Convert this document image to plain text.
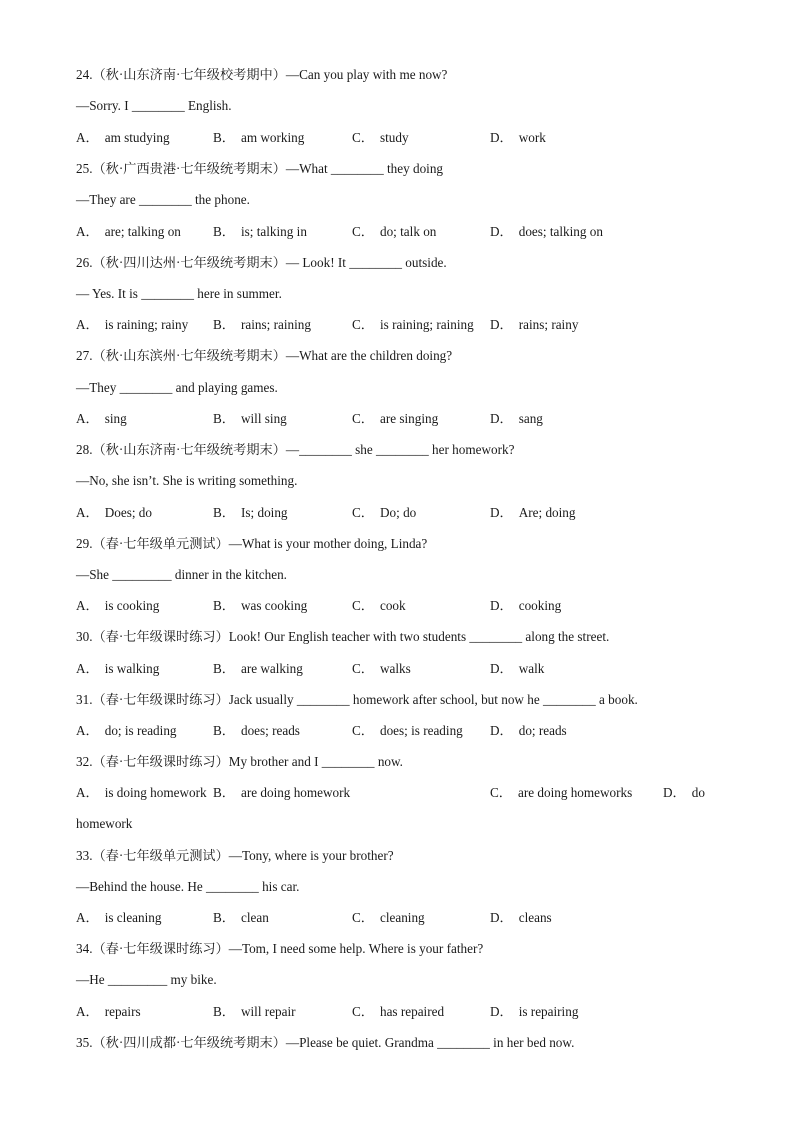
24.（秋·山东济南·七年级校考期中）—Can you play with me now?
—Sorry. I ________ English.
A． am studying	B． am working	C． study	D． work
25.（秋·广西贵港·七年级统考期末）—What ________ they doing
—They are ________ the phone.
A． are; talking on B． is; talking in	C． do; talk on	D． does; talking on
26.（秋·四川达州·七年级统考期末）— Look! It ________ outside.
— Yes. It is ________ here in summer.
A． is raining; rainy B． rains; raining	C． is raining; raining D． rains; rainy
27.（秋·山东滨州·七年级统考期末）—What are the children doing?
—They ________ and playing games.
A． sing	B． will sing	C． are singing	D． sang
28.（秋·山东济南·七年级统考期末）—________ she ________ her homework?
—No, she isn’t. She is writing something.
A． Does; do	B． Is; doing	C． Do; do	D． Are; doing
29.（春·七年级单元测试）—What is your mother doing, Linda?
—She _________ dinner in the kitchen.
A． is cooking	B． was cooking	C． cook	D． cooking
30.（春·七年级课时练习）Look! Our English teacher with two students ________ along the street.
A． is walking	B． are walking	C． walks	D． walk
31.（春·七年级课时练习）Jack usually ________ homework after school, but now he ________ a book.
A． do; is reading	B． does; reads	C． does; is reading D． do; reads
32.（春·七年级课时练习）My brother and I ________ now.
A． is doing homework B． are doing homework	C． are doing homeworks D． do
homework
33.（春·七年级单元测试）—Tony, where is your brother?
—Behind the house. He ________ his car.
A． is cleaning	B． clean	C． cleaning	D． cleans
34.（春·七年级课时练习）—Tom, I need some help. Where is your father?
—He _________ my bike.
A． repairs	B． will repair	C． has repaired	D． is repairing
35.（秋·四川成都·七年级统考期末）—Please be quiet. Grandma ________ in her bed now.
